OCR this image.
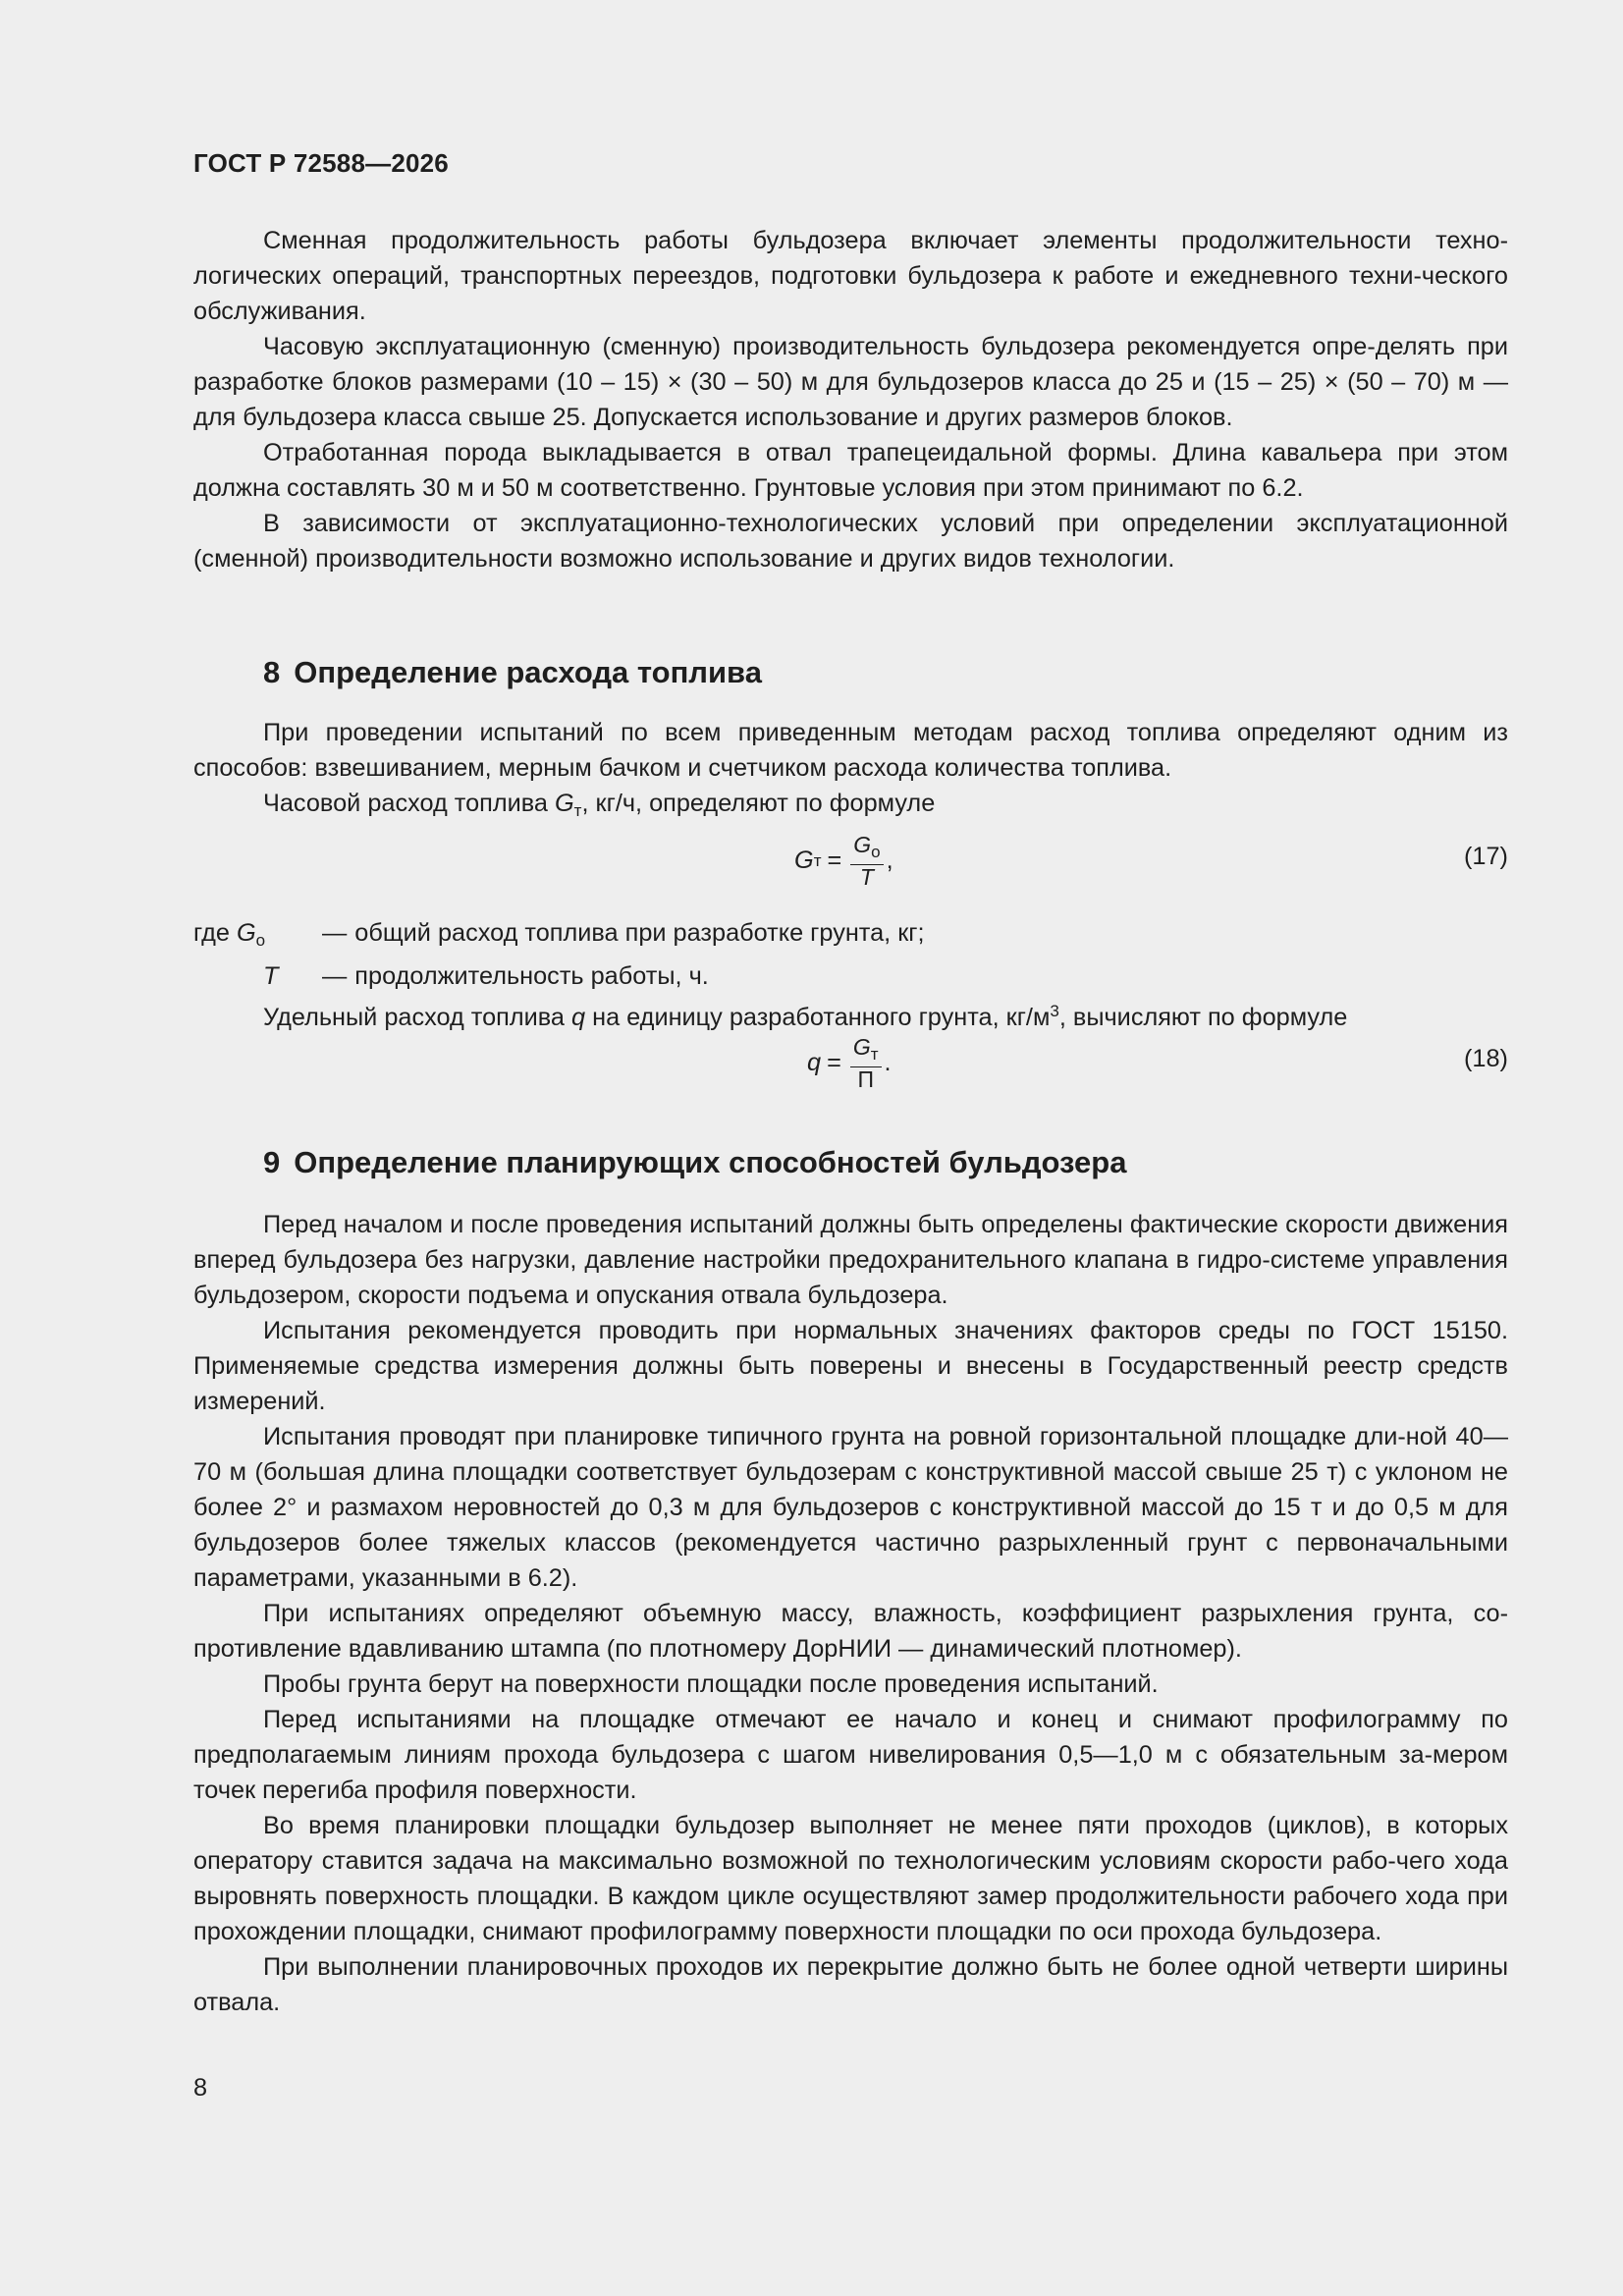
ГОСТ Р 72588—2026

Сменная продолжительность работы бульдозера включает элементы продолжительности техно-логических операций, транспортных переездов, подготовки бульдозера к работе и ежедневного техни-ческого обслуживания.

Часовую эксплуатационную (сменную) производительность бульдозера рекомендуется опре-делять при разработке блоков размерами (10 – 15) × (30 – 50) м для бульдозеров класса до 25 и (15 – 25) × (50 – 70) м — для бульдозера класса свыше 25. Допускается использование и других размеров блоков.

Отработанная порода выкладывается в отвал трапецеидальной формы. Длина кавальера при этом должна составлять 30 м и 50 м соответственно. Грунтовые условия при этом принимают по 6.2.

В зависимости от эксплуатационно-технологических условий при определении эксплуатационной (сменной) производительности возможно использование и других видов технологии.

8 Определение расхода топлива

При проведении испытаний по всем приведенным методам расход топлива определяют одним из способов: взвешиванием, мерным бачком и счетчиком расхода количества топлива.

Часовой расход топлива $G_т$, кг/ч, определяют по формуле

G $т = \frac{G_о}{T}$ ,	(17)
где $G_о$	— общий расход топлива при разработке грунта, кг;
T	— продолжительность работы, ч.

Удельный расход топлива q на единицу разработанного грунта, $кг/м^3$, вычисляют по формуле

$q = \frac{G_т}{П}$ .	(18)
9 Определение планирующих способностей бульдозера

Перед началом и после проведения испытаний должны быть определены фактические скорости движения вперед бульдозера без нагрузки, давление настройки предохранительного клапана в гидро-системе управления бульдозером, скорости подъема и опускания отвала бульдозера.

Испытания рекомендуется проводить при нормальных значениях факторов среды по ГОСТ 15150. Применяемые средства измерения должны быть поверены и внесены в Государственный реестр средств измерений.

Испытания проводят при планировке типичного грунта на ровной горизонтальной площадке дли-ной 40—70 м (большая длина площадки соответствует бульдозерам с конструктивной массой свыше 25 т) с уклоном не более 2° и размахом неровностей до 0,3 м для бульдозеров с конструктивной массой до 15 т и до 0,5 м для бульдозеров более тяжелых классов (рекомендуется частично разрыхленный грунт с первоначальными параметрами, указанными в 6.2).

При испытаниях определяют объемную массу, влажность, коэффициент разрыхления грунта, со-противление вдавливанию штампа (по плотномеру ДорНИИ — динамический плотномер).

Пробы грунта берут на поверхности площадки после проведения испытаний.

Перед испытаниями на площадке отмечают ее начало и конец и снимают профилограмму по предполагаемым линиям прохода бульдозера с шагом нивелирования 0,5—1,0 м с обязательным за-мером точек перегиба профиля поверхности.

Во время планировки площадки бульдозер выполняет не менее пяти проходов (циклов), в которых оператору ставится задача на максимально возможной по технологическим условиям скорости рабо-чего хода выровнять поверхность площадки. В каждом цикле осуществляют замер продолжительности рабочего хода при прохождении площадки, снимают профилограмму поверхности площадки по оси прохода бульдозера.

При выполнении планировочных проходов их перекрытие должно быть не более одной четверти ширины отвала.

8
